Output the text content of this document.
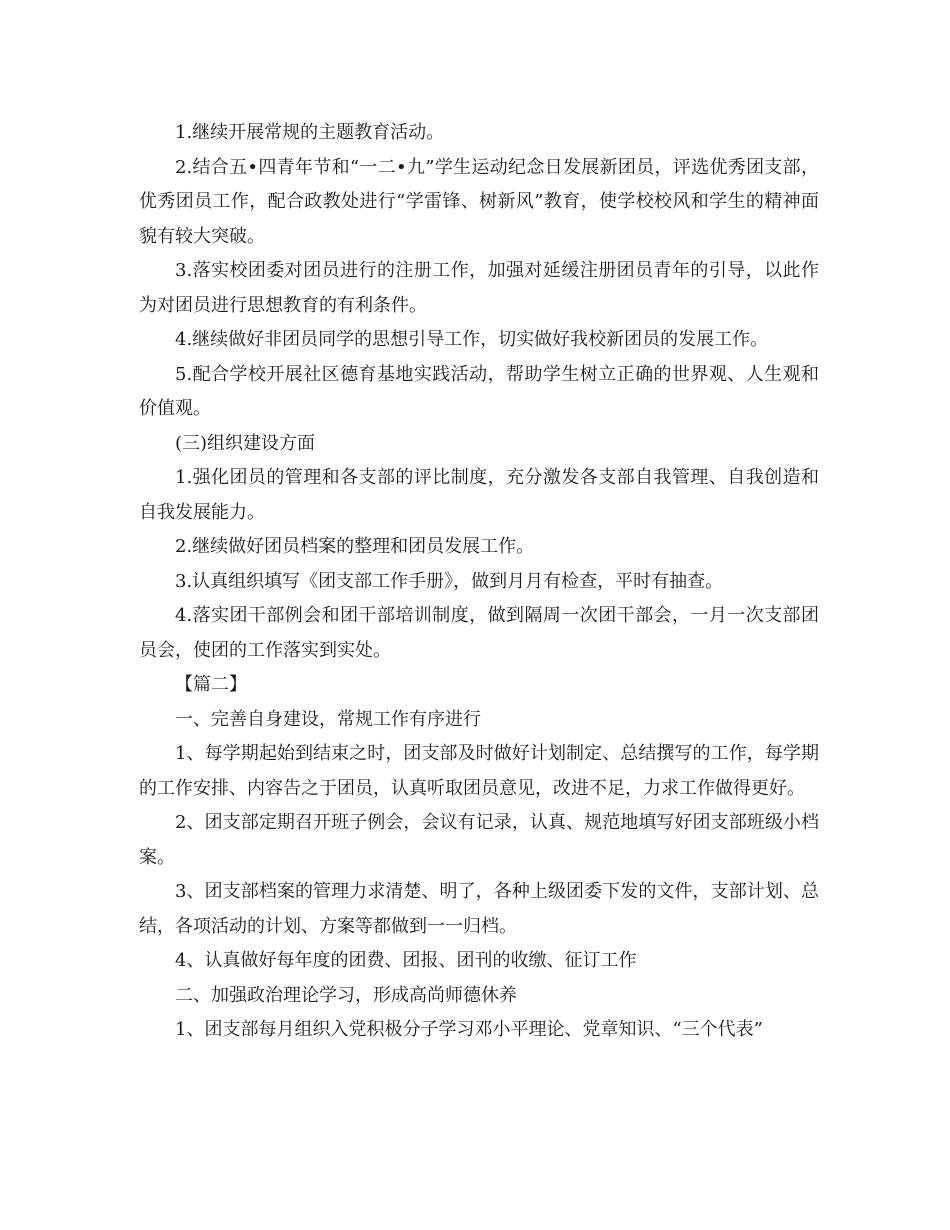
1.继续开展常规的主题教育活动。

2.结合五•四青年节和“一二•九”学生运动纪念日发展新团员，评选优秀团支部，优秀团员工作，配合政教处进行“学雷锋、树新风”教育，使学校校风和学生的精神面貌有较大突破。

3.落实校团委对团员进行的注册工作，加强对延缓注册团员青年的引导，以此作为对团员进行思想教育的有利条件。

4.继续做好非团员同学的思想引导工作，切实做好我校新团员的发展工作。

5.配合学校开展社区德育基地实践活动，帮助学生树立正确的世界观、人生观和价值观。

(三)组织建设方面

1.强化团员的管理和各支部的评比制度，充分激发各支部自我管理、自我创造和自我发展能力。

2.继续做好团员档案的整理和团员发展工作。

3.认真组织填写《团支部工作手册》，做到月月有检查，平时有抽查。

4.落实团干部例会和团干部培训制度，做到隔周一次团干部会，一月一次支部团员会，使团的工作落实到实处。

【篇二】

一、完善自身建设，常规工作有序进行

1、每学期起始到结束之时，团支部及时做好计划制定、总结撰写的工作，每学期的工作安排、内容告之于团员，认真听取团员意见，改进不足，力求工作做得更好。

2、团支部定期召开班子例会，会议有记录，认真、规范地填写好团支部班级小档案。

3、团支部档案的管理力求清楚、明了，各种上级团委下发的文件，支部计划、总结，各项活动的计划、方案等都做到一一归档。

4、认真做好每年度的团费、团报、团刊的收缴、征订工作

二、加强政治理论学习，形成高尚师德休养

1、团支部每月组织入党积极分子学习邓小平理论、党章知识、“三个代表”
